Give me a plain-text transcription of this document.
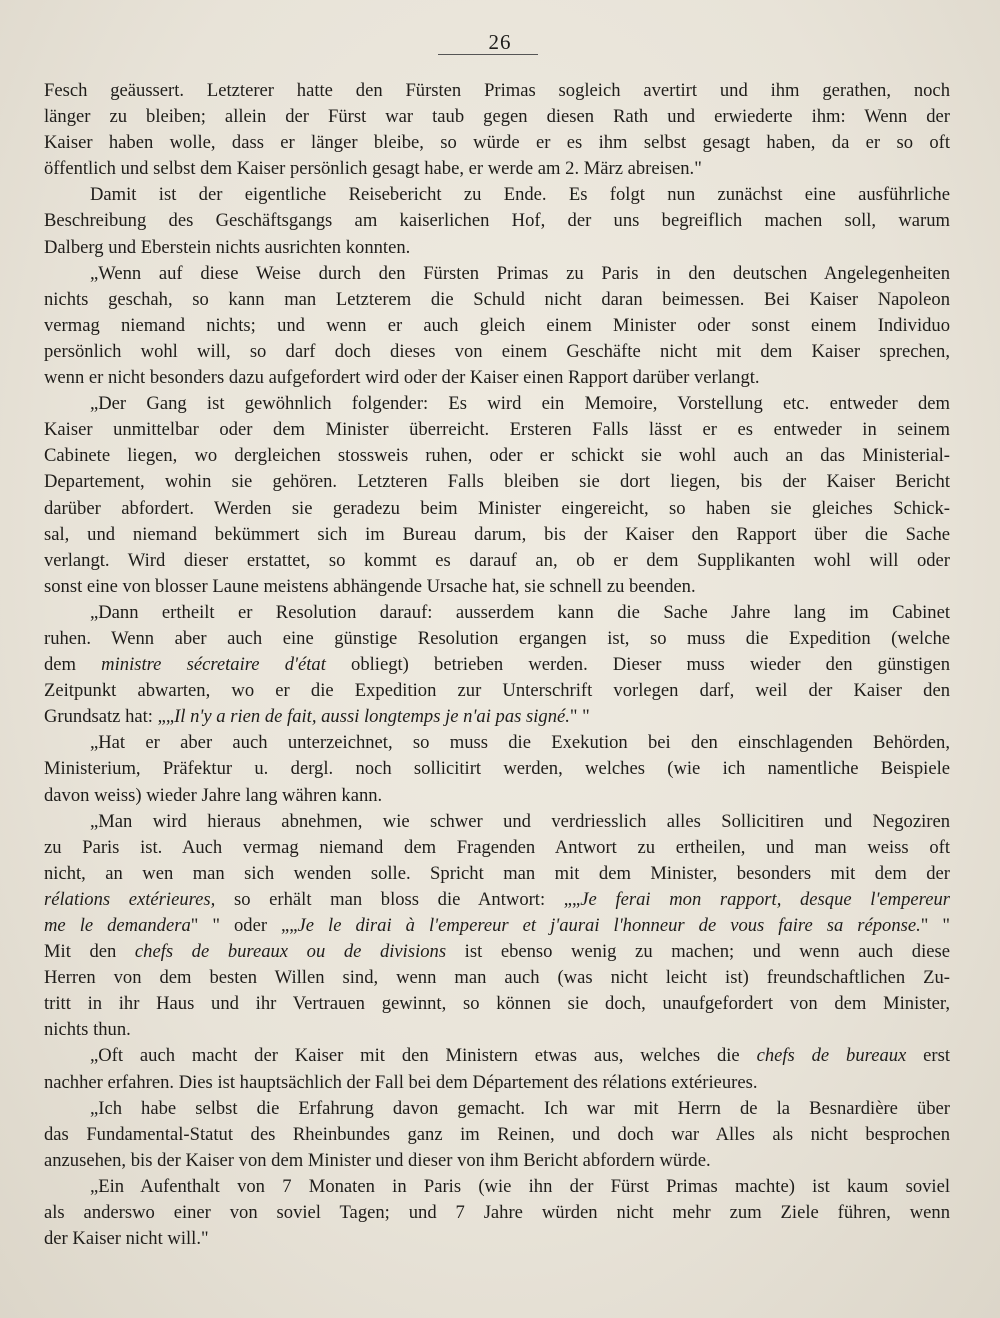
26
Fesch geäussert. Letzterer hatte den Fürsten Primas sogleich avertirt und ihm gerathen, noch
länger zu bleiben; allein der Fürst war taub gegen diesen Rath und erwiederte ihm: Wenn der
Kaiser haben wolle, dass er länger bleibe, so würde er es ihm selbst gesagt haben, da er so oft
öffentlich und selbst dem Kaiser persönlich gesagt habe, er werde am 2. März abreisen."
Damit ist der eigentliche Reisebericht zu Ende. Es folgt nun zunächst eine ausführliche
Beschreibung des Geschäftsgangs am kaiserlichen Hof, der uns begreiflich machen soll, warum
Dalberg und Eberstein nichts ausrichten konnten.
„Wenn auf diese Weise durch den Fürsten Primas zu Paris in den deutschen Angelegenheiten
nichts geschah, so kann man Letzterem die Schuld nicht daran beimessen. Bei Kaiser Napoleon
vermag niemand nichts; und wenn er auch gleich einem Minister oder sonst einem Individuo
persönlich wohl will, so darf doch dieses von einem Geschäfte nicht mit dem Kaiser sprechen,
wenn er nicht besonders dazu aufgefordert wird oder der Kaiser einen Rapport darüber verlangt.
„Der Gang ist gewöhnlich folgender: Es wird ein Memoire, Vorstellung etc. entweder dem
Kaiser unmittelbar oder dem Minister überreicht. Ersteren Falls lässt er es entweder in seinem
Cabinete liegen, wo dergleichen stossweis ruhen, oder er schickt sie wohl auch an das Ministerial-
Departement, wohin sie gehören. Letzteren Falls bleiben sie dort liegen, bis der Kaiser Bericht
darüber abfordert. Werden sie geradezu beim Minister eingereicht, so haben sie gleiches Schick-
sal, und niemand bekümmert sich im Bureau darum, bis der Kaiser den Rapport über die Sache
verlangt. Wird dieser erstattet, so kommt es darauf an, ob er dem Supplikanten wohl will oder
sonst eine von blosser Laune meistens abhängende Ursache hat, sie schnell zu beenden.
„Dann ertheilt er Resolution darauf: ausserdem kann die Sache Jahre lang im Cabinet
ruhen. Wenn aber auch eine günstige Resolution ergangen ist, so muss die Expedition (welche
dem ministre sécretaire d'état obliegt) betrieben werden. Dieser muss wieder den günstigen
Zeitpunkt abwarten, wo er die Expedition zur Unterschrift vorlegen darf, weil der Kaiser den
Grundsatz hat: „„Il n'y a rien de fait, aussi longtemps je n'ai pas signé." "
„Hat er aber auch unterzeichnet, so muss die Exekution bei den einschlagenden Behörden,
Ministerium, Präfektur u. dergl. noch sollicitirt werden, welches (wie ich namentliche Beispiele
davon weiss) wieder Jahre lang währen kann.
„Man wird hieraus abnehmen, wie schwer und verdriesslich alles Sollicitiren und Negoziren
zu Paris ist. Auch vermag niemand dem Fragenden Antwort zu ertheilen, und man weiss oft
nicht, an wen man sich wenden solle. Spricht man mit dem Minister, besonders mit dem der
rélations extérieures, so erhält man bloss die Antwort: „„Je ferai mon rapport, desque l'empereur
me le demandera" " oder „„Je le dirai à l'empereur et j'aurai l'honneur de vous faire sa réponse." "
Mit den chefs de bureaux ou de divisions ist ebenso wenig zu machen; und wenn auch diese
Herren von dem besten Willen sind, wenn man auch (was nicht leicht ist) freundschaftlichen Zu-
tritt in ihr Haus und ihr Vertrauen gewinnt, so können sie doch, unaufgefordert von dem Minister,
nichts thun.
„Oft auch macht der Kaiser mit den Ministern etwas aus, welches die chefs de bureaux erst
nachher erfahren. Dies ist hauptsächlich der Fall bei dem Département des rélations extérieures.
„Ich habe selbst die Erfahrung davon gemacht. Ich war mit Herrn de la Besnardière über
das Fundamental-Statut des Rheinbundes ganz im Reinen, und doch war Alles als nicht besprochen
anzusehen, bis der Kaiser von dem Minister und dieser von ihm Bericht abfordern würde.
„Ein Aufenthalt von 7 Monaten in Paris (wie ihn der Fürst Primas machte) ist kaum soviel
als anderswo einer von soviel Tagen; und 7 Jahre würden nicht mehr zum Ziele führen, wenn
der Kaiser nicht will."
